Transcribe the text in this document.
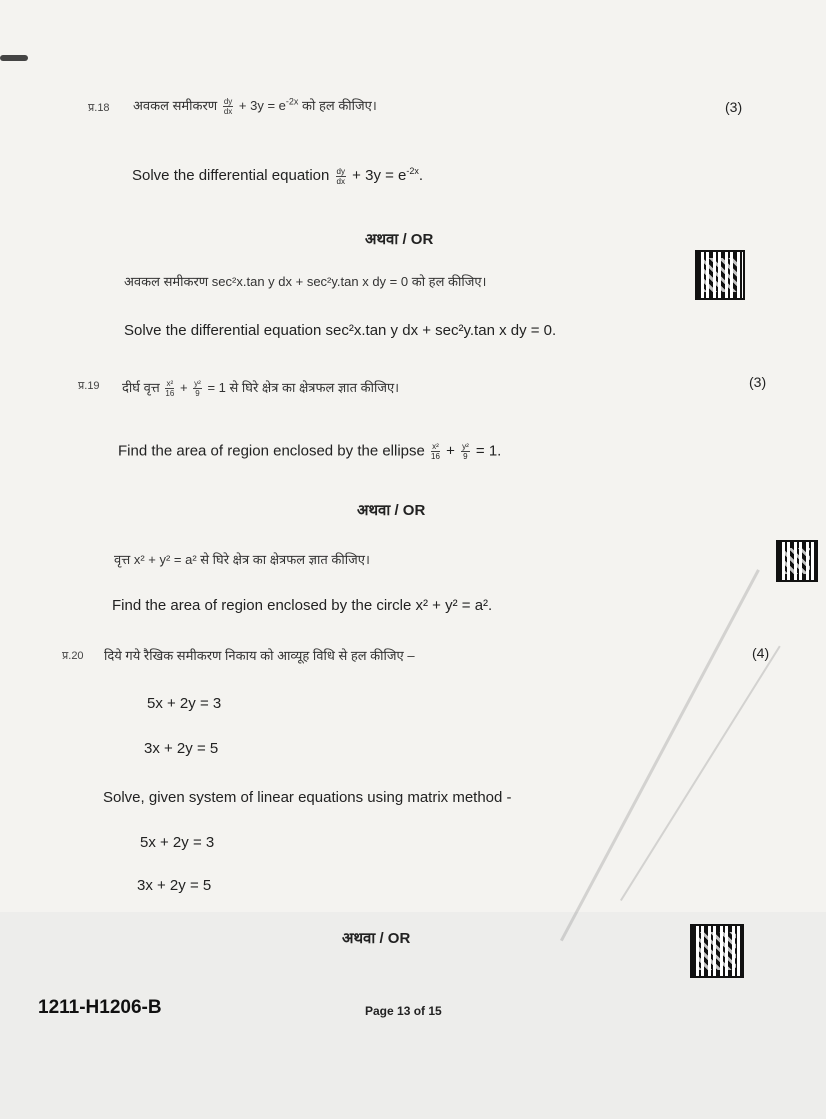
प्र.18 अवकल समीकरण $\frac{dy}{dx} + 3y = e^{-2x}$ को हल कीजिए।	(3)
Solve the differential equation $\frac{dy}{dx} + 3y = e^{-2x}$.
अथवा / OR
अवकल समीकरण sec²x.tan y dx + sec²y.tan x dy = 0 को हल कीजिए।
Solve the differential equation sec²x.tan y dx + sec²y.tan x dy = 0.
प्र.19 दीर्घ वृत्त $\frac{\text{x²}}{16} + \frac{\text{y²}}{9} = 1$ से घिरे क्षेत्र का क्षेत्रफल ज्ञात कीजिए।	(3)
Find the area of region enclosed by the ellipse $\frac{\text{x²}}{16} + \frac{\text{y²}}{9} = 1$.
अथवा / OR
वृत्त x² + y² = a² से घिरे क्षेत्र का क्षेत्रफल ज्ञात कीजिए।
Find the area of region enclosed by the circle x² + y² = a².
प्र.20 दिये गये रैखिक समीकरण निकाय को आव्यूह विधि से हल कीजिए –	(4)
5x + 2y = 3
3x + 2y = 5
Solve, given system of linear equations using matrix method -
5x + 2y = 3
3x + 2y = 5
अथवा / OR
1211-H1206-B	Page 13 of 15
